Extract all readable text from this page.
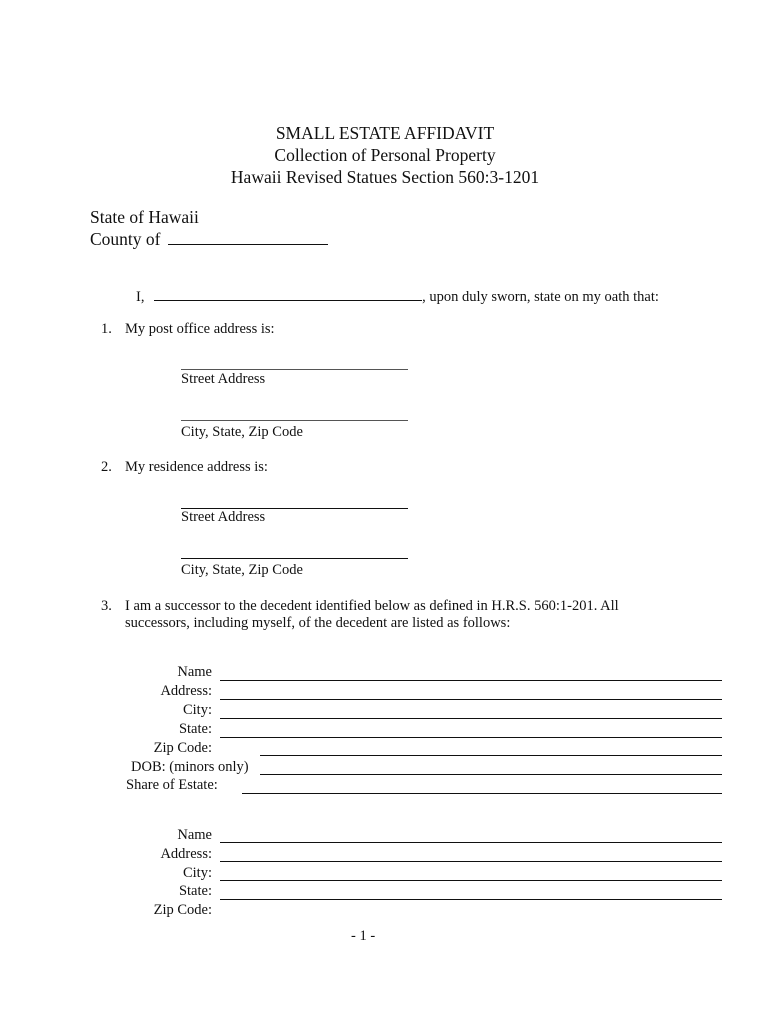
SMALL ESTATE AFFIDAVIT
Collection of Personal Property
Hawaii Revised Statues Section 560:3-1201
State of Hawaii
County of
I,	, upon duly sworn, state on my oath that:
1. My post office address is:
Street Address
City, State, Zip Code
2. My residence address is:
Street Address
City, State, Zip Code
3. I am a successor to the decedent identified below as defined in H.R.S. 560:1-201. All
successors, including myself, of the decedent are listed as follows:
Name
Address:
City:
State:
Zip Code:
DOB: (minors only)
Share of Estate:
Name
Address:
City:
State:
Zip Code:
- 1 -
